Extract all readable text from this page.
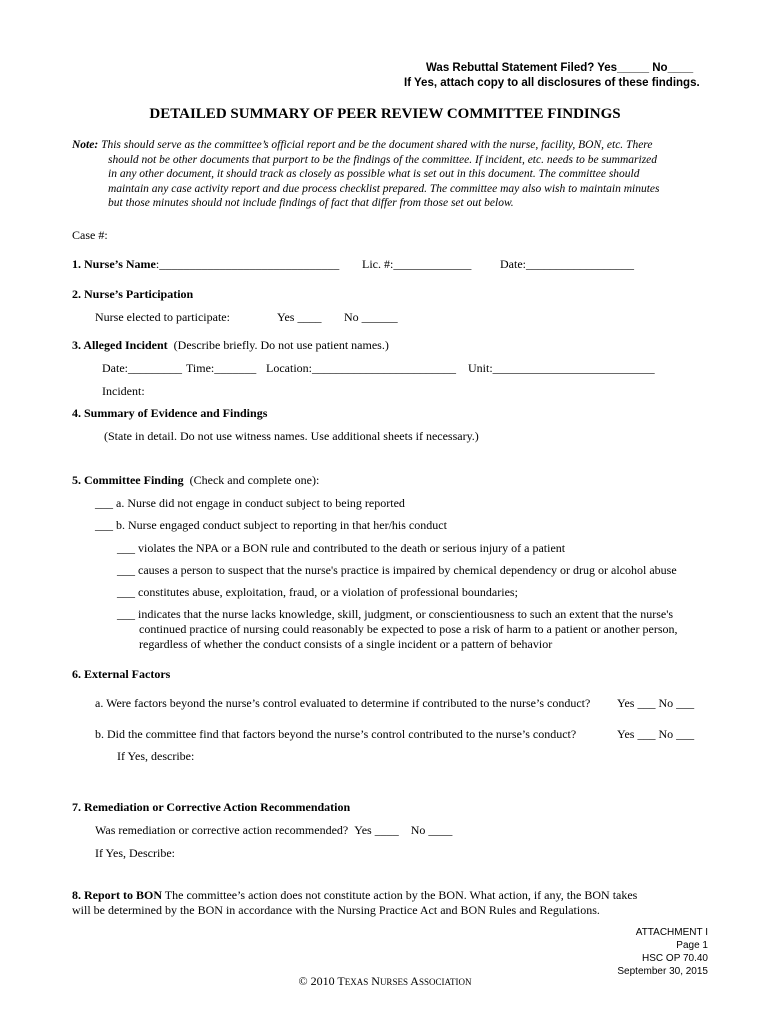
Was Rebuttal Statement Filed? Yes_____ No____
If Yes, attach copy to all disclosures of these findings.
DETAILED SUMMARY OF PEER REVIEW COMMITTEE FINDINGS
Note: This should serve as the committee’s official report and be the document shared with the nurse, facility, BON, etc. There
should not be other documents that purport to be the findings of the committee. If incident, etc. needs to be summarized
in any other document, it should track as closely as possible what is set out in this document. The committee should
maintain any case activity report and due process checklist prepared. The committee may also wish to maintain minutes
but those minutes should not include findings of fact that differ from those set out below.
Case #:
1. Nurse’s Name:______________________________ Lic. #:_____________ Date:__________________
2. Nurse’s Participation
Nurse elected to participate:	Yes ____ No ______
3. Alleged Incident (Describe briefly. Do not use patient names.)
Date:_________ Time:_______ Location:________________________ Unit:___________________________
Incident:
4. Summary of Evidence and Findings
(State in detail. Do not use witness names. Use additional sheets if necessary.)
5. Committee Finding (Check and complete one):
___ a. Nurse did not engage in conduct subject to being reported
___ b. Nurse engaged conduct subject to reporting in that her/his conduct
___ violates the NPA or a BON rule and contributed to the death or serious injury of a patient
___ causes a person to suspect that the nurse's practice is impaired by chemical dependency or drug or alcohol abuse
___ constitutes abuse, exploitation, fraud, or a violation of professional boundaries;
___ indicates that the nurse lacks knowledge, skill, judgment, or conscientiousness to such an extent that the nurse's
continued practice of nursing could reasonably be expected to pose a risk of harm to a patient or another person,
regardless of whether the conduct consists of a single incident or a pattern of behavior
6. External Factors
a. Were factors beyond the nurse’s control evaluated to determine if contributed to the nurse’s conduct? Yes ___ No ___
b. Did the committee find that factors beyond the nurse’s control contributed to the nurse’s conduct?	Yes ___ No ___
If Yes, describe:
7. Remediation or Corrective Action Recommendation
Was remediation or corrective action recommended? Yes ____ No ____
If Yes, Describe:
8. Report to BON The committee’s action does not constitute action by the BON. What action, if any, the BON takes
will be determined by the BON in accordance with the Nursing Practice Act and BON Rules and Regulations.
ATTACHMENT I
Page 1
HSC OP 70.40
September 30, 2015
© 2010 TEXAS NURSES ASSOCIATION
